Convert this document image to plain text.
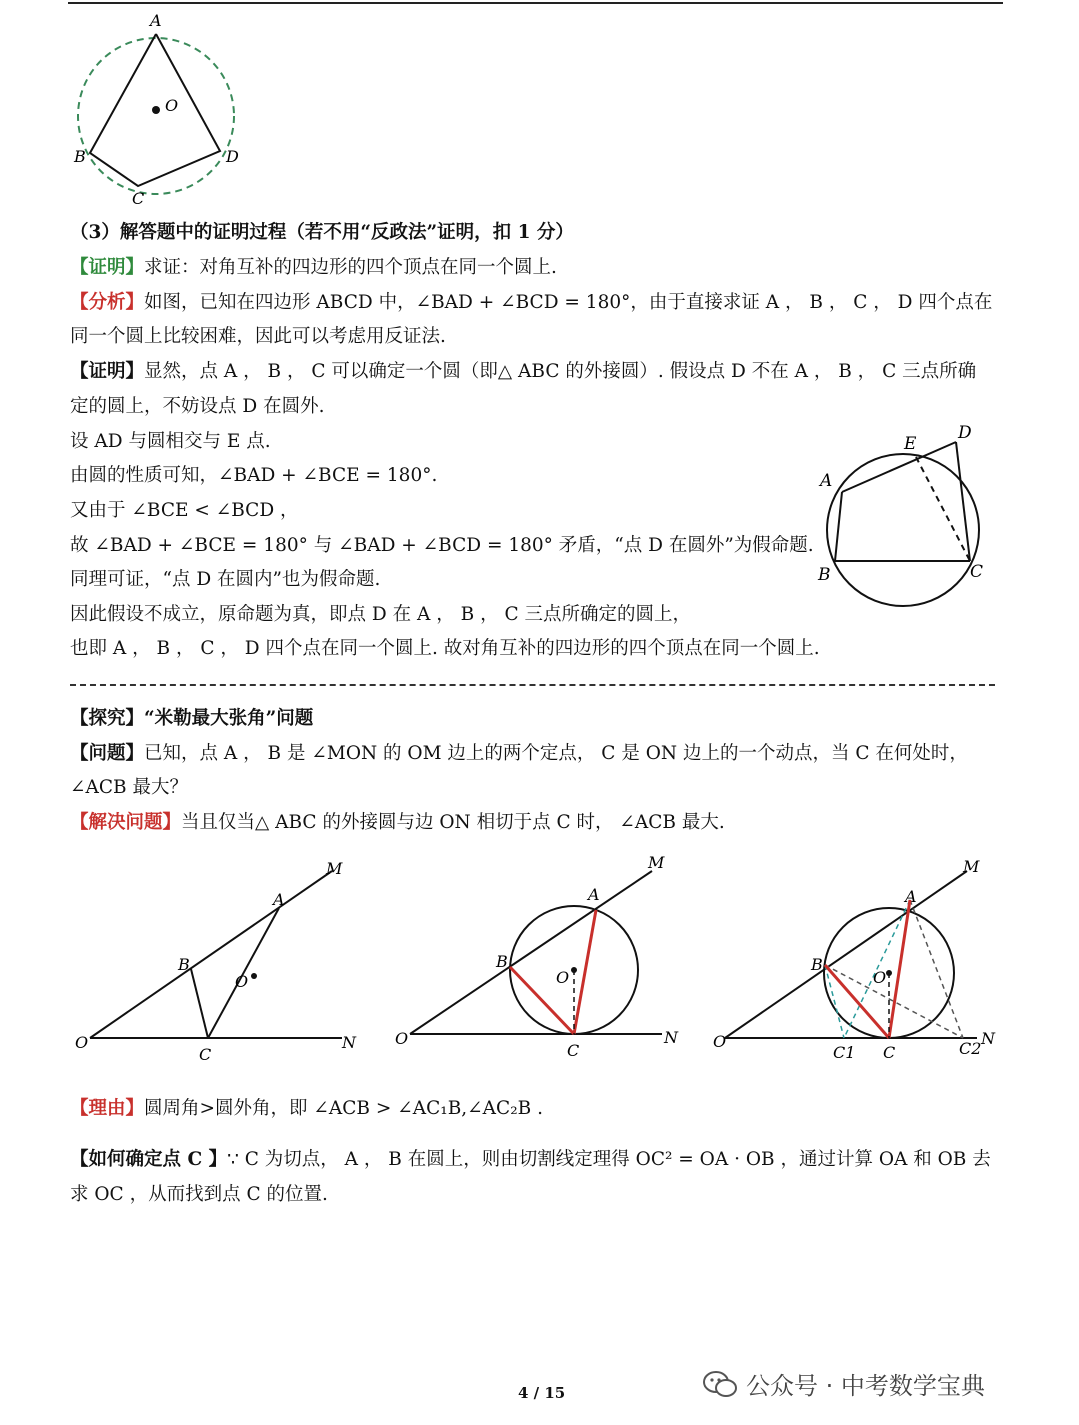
A
O
B
C
D
（3）解答题中的证明过程（若不用“反政法”证明，扣 1 分）
【证明】求证：对角互补的四边形的四个顶点在同一个圆上.
【分析】如图，已知在四边形 ABCD 中，∠BAD + ∠BCD = 180°，由于直接求证 A ， B ， C ， D 四个点在
同一个圆上比较困难，因此可以考虑用反证法.
【证明】显然，点 A ， B ， C 可以确定一个圆（即△ ABC 的外接圆）. 假设点 D 不在 A ， B ， C 三点所确
定的圆上，不妨设点 D 在圆外.
设 AD 与圆相交与 E 点.
由圆的性质可知，∠BAD + ∠BCE = 180°.
又由于 ∠BCE < ∠BCD ，
故 ∠BAD + ∠BCE = 180° 与 ∠BAD + ∠BCD = 180° 矛盾，“点 D 在圆外”为假命题.
同理可证，“点 D 在圆内”也为假命题.
因此假设不成立，原命题为真，即点 D 在 A ， B ， C 三点所确定的圆上，
也即 A ， B ， C ， D 四个点在同一个圆上. 故对角互补的四边形的四个顶点在同一个圆上.
E
D
A
B	C
【探究】“米勒最大张角”问题
【问题】已知，点 A ， B 是 ∠MON 的 OM 边上的两个定点， C 是 ON 边上的一个动点，当 C 在何处时，
∠ACB 最大？
【解决问题】当且仅当△ ABC 的外接圆与边 ON 相切于点 C 时， ∠ACB 最大.
M
A
B
O
O
C
N
M
A
B
O
O
C
N
M
A
B
O
O
C
C1	C2
N
【理由】圆周角>圆外角，即 ∠ACB > ∠AC₁B,∠AC₂B .
【如何确定点 C 】∵ C 为切点， A ， B 在圆上，则由切割线定理得 OC² = OA · OB ，通过计算 OA 和 OB 去
求 OC ，从而找到点 C 的位置.
4 / 15	公众号 · 中考数学宝典
